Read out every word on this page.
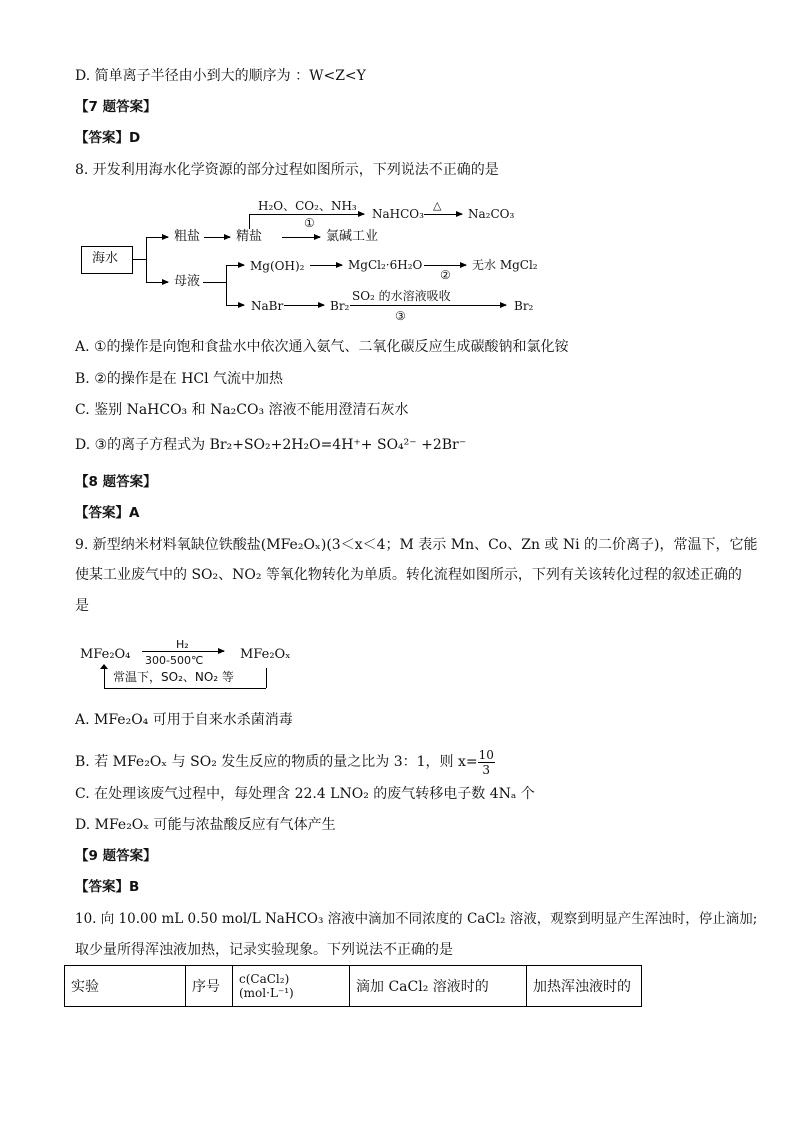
D. 简单离子半径由小到大的顺序为 ：W<Z<Y
【7 题答案】
【答案】D
8. 开发利用海水化学资源的部分过程如图所示，下列说法不正确的是
海水
粗盐	精盐
H₂O、CO₂、NH₃
①
NaHCO₃
△
Na₂CO₃
氯碱工业
母液
Mg(OH)₂	MgCl₂·6H₂O
②
无水 MgCl₂
NaBr	Br₂
SO₂ 的水溶液吸收
③
Br₂
A. ①的操作是向饱和食盐水中依次通入氨气、二氧化碳反应生成碳酸钠和氯化铵
B. ②的操作是在 HCl 气流中加热
C. 鉴别 NaHCO₃ 和 Na₂CO₃ 溶液不能用澄清石灰水
D. ③的离子方程式为 Br₂+SO₂+2H₂O=4H⁺+ SO₄²⁻ +2Br⁻
【8 题答案】
【答案】A
9. 新型纳米材料氧缺位铁酸盐(MFe₂Oₓ)(3＜x＜4；M 表示 Mn、Co、Zn 或 Ni 的二价离子)，常温下，它能
使某工业废气中的 SO₂、NO₂ 等氧化物转化为单质。转化流程如图所示，下列有关该转化过程的叙述正确的
是
MFe₂O₄
H₂
300-500℃	MFe₂Oₓ
常温下，SO₂、NO₂ 等
A. MFe₂O₄ 可用于自来水杀菌消毒
B. 若 MFe₂Oₓ 与 SO₂ 发生反应的物质的量之比为 3：1，则 $x= \frac{10}{3}$
C. 在处理该废气过程中，每处理含 22.4 LNO₂ 的废气转移电子数 4Nₐ 个
D. MFe₂Oₓ 可能与浓盐酸反应有气体产生
【9 题答案】
【答案】B
10. 向 10.00 mL 0.50 mol/L NaHCO₃ 溶液中滴加不同浓度的 CaCl₂ 溶液，观察到明显产生浑浊时，停止滴加;
取少量所得浑浊液加热，记录实验现象。下列说法不正确的是
实验	序号	c(CaCl₂)(mol·L⁻¹)	滴加 CaCl₂ 溶液时的	加热浑浊液时的
